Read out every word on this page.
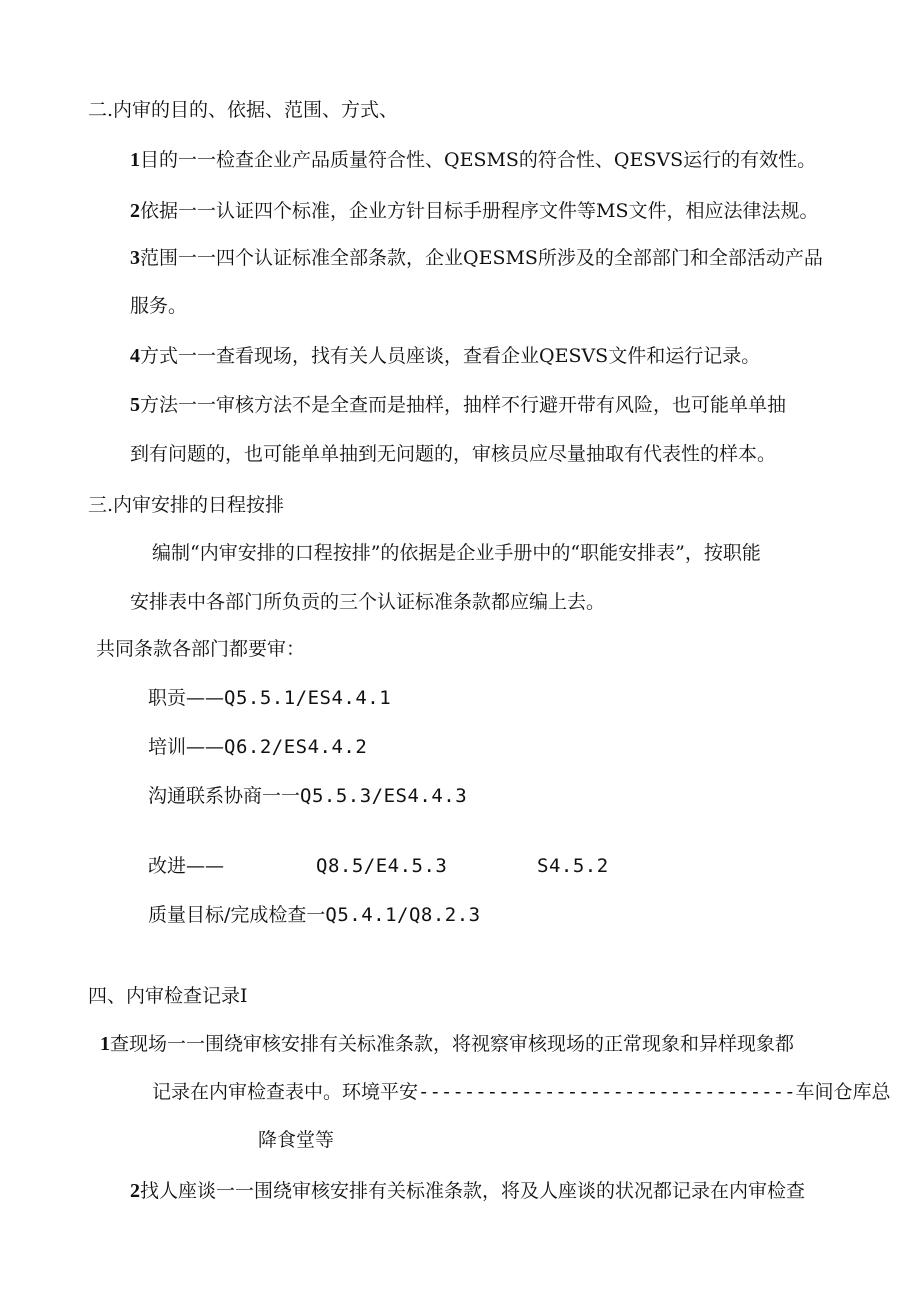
二.内审的目的、依据、范围、方式、
1目的一一检查企业产品质量符合性、QESMS的符合性、QESVS运行的有效性。
2依据一一认证四个标准，企业方针目标手册程序文件等MS文件，相应法律法规。
3范围一一四个认证标准全部条款，企业QESMS所涉及的全部部门和全部活动产品
服务。
4方式一一查看现场，找有关人员座谈，查看企业QESVS文件和运行记录。
5方法一一审核方法不是全查而是抽样，抽样不行避开带有风险，也可能单单抽
到有问题的，也可能单单抽到无问题的，审核员应尽量抽取有代表性的样本。
三.内审安排的日程按排
编制“内审安排的口程按排”的依据是企业手册中的“职能安排表”，按职能
安排表中各部门所负贡的三个认证标准条款都应编上去。
共同条款各部门都要审：
职贡——Q5.5.1/ES4.4.1
培训——Q6.2/ES4.4.2
沟通联系协商一一Q5.5.3/ES4.4.3
改进——	Q8.5/E4.5.3	S4.5.2
质量目标/完成检查一Q5.4.1/Q8.2.3
四、内审检查记录I
1查现场一一围绕审核安排有关标准条款，将视察审核现场的正常现象和异样现象都
记录在内审检查表中。环境平安---------------------------------车间仓库总
降食堂等
2找人座谈一一围绕审核安排有关标准条款，将及人座谈的状况都记录在内审检查
